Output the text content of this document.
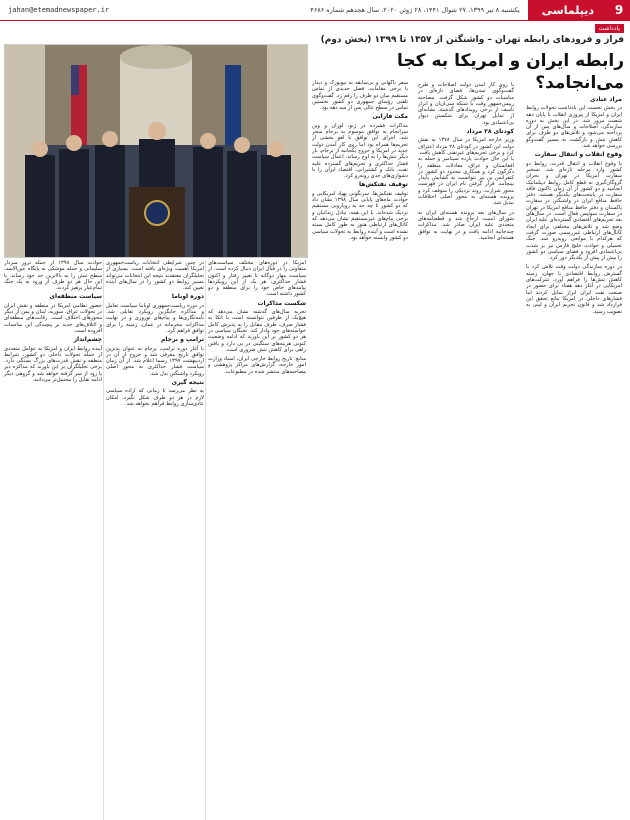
9
دیپلماسی
یکشنبه ۸ تیر ۱۳۹۹، ۲۷ شوال ۱۴۴۱، ۲۸ ژوئن ۲۰۲۰، سال هجدهم شماره ۴۶۸۶
jahan@etemadnewspaper.ir
یادداشت
فراز و فرودهای رابطه تهران – واشنگتن از ۱۳۵۷ تا ۱۳۹۹ (بخش دوم)
رابطه ایران و امریکا به کجا می‌انجامد؟
مراد عنادی

در بخش نخست این یادداشت تحولات روابط ایران و امریکا از پیروزی انقلاب تا پایان دهه شصت مرور شد. در این بخش به دوره سازندگی، اصلاحات و سال‌های پس از آن پرداخته می‌شود و تلاش‌های دو طرف برای کاهش تنش و بازگشت به مسیر گفت‌وگو بررسی خواهد شد.

وقوع انقلاب و انتقال سفارت

با وقوع انقلاب و انتقال قدرت، روابط دو کشور وارد مرحله تازه‌ای شد. تسخیر سفارت امریکا در تهران و بحران گروگان‌گیری به قطع کامل روابط دیپلماتیک انجامید و دو کشور از آن زمان تاکنون فاقد سفارت در پایتخت‌های یکدیگر هستند. دفتر حافظ منافع ایران در واشنگتن در سفارت پاکستان و دفتر حافظ منافع امریکا در تهران در سفارت سوئیس فعال است. در سال‌های بعد تحریم‌های اقتصادی گسترده‌ای علیه ایران وضع شد و تلاش‌های مختلفی برای ایجاد کانال‌های ارتباطی غیررسمی صورت گرفت که هرکدام با موانعی روبه‌رو شد. جنگ تحمیلی و حوادث خلیج فارس نیز بر شدت بی‌اعتمادی افزود و فضای سیاسی دو کشور را بیش از پیش از یکدیگر دور کرد.

در دوره سازندگی دولت وقت تلاش کرد با گسترش روابط اقتصادی با جهان، زمینه کاهش تنش‌ها را فراهم آورد. شرکت‌های امریکایی در آغاز دهه هفتاد برای حضور در صنعت نفت ایران ابراز تمایل کردند اما فشارهای داخلی در امریکا مانع تحقق این قرارداد شد و قانون تحریم ایران و لیبی به تصویب رسید.

با روی کار آمدن دولت اصلاحات و طرح گفت‌وگوی تمدن‌ها، فضای تازه‌ای در مناسبات دو کشور شکل گرفت. مصاحبه رییس‌جمهور وقت با شبکه سی‌ان‌ان و ابراز تاسف از برخی رویدادهای گذشته، نشانه‌ای از تمایل تهران برای شکستن دیوار بی‌اعتمادی بود.

کودتای ۲۸ مرداد

وزیر خارجه امریکا در سال ۱۳۷۸ به نقش دولت این کشور در کودتای ۲۸ مرداد اعتراف کرد و برخی تحریم‌های غیرنفتی کاهش یافت. با این حال حوادث یازده سپتامبر و حمله به افغانستان و عراق، معادلات منطقه را دگرگون کرد و همکاری محدود دو کشور در کنفرانس بن نیز نتوانست به گشایش پایدار بینجامد. قرار گرفتن نام ایران در فهرست محور شرارت، روند نزدیکی را متوقف کرد و پرونده هسته‌ای به محور اصلی اختلافات تبدیل شد.

در سال‌های بعد پرونده هسته‌ای ایران به شورای امنیت ارجاع شد و قطعنامه‌های متعددی علیه ایران صادر شد. مذاکرات چندجانبه ادامه یافت و در نهایت به توافق هسته‌ای انجامید.

سفر ناگهانی و بی‌سابقه به نیویورک و دیدار با برخی مقامات، فصل جدیدی از تماس مستقیم میان دو طرف را رقم زد. گفت‌وگوی تلفنی رؤسای جمهوری دو کشور نخستین تماس در سطح عالی پس از سه دهه بود.

مکث فارابی

مذاکرات فشرده در ژنو، لوزان و وین سرانجام به توافق موسوم به برجام منجر شد. اجرای این توافق با لغو بخشی از تحریم‌ها همراه بود اما روی کار آمدن دولت جدید در امریکا و خروج یکجانبه از برجام، بار دیگر تنش‌ها را به اوج رساند. اعمال سیاست فشار حداکثری و تحریم‌های گسترده علیه نفت، بانک و کشتیرانی، اقتصاد ایران را با دشواری‌های جدی روبه‌رو کرد.

توقیف نفتکش‌ها

توقیف نفتکش‌ها، سرنگونی پهپاد امریکایی و حوادث ماه‌های پایانی سال ۱۳۹۸ نشان داد که دو کشور تا چه حد به رویارویی مستقیم نزدیک شده‌اند. با این همه، تبادل زندانیان و برخی پیام‌های غیرمستقیم نشان می‌دهد که کانال‌های ارتباطی هنوز به طور کامل بسته نشده است و آینده روابط به تحولات سیاسی دو کشور وابسته خواهد بود.

امریکا در دوره‌های مختلف سیاست‌های متفاوتی را در قبال ایران دنبال کرده است. از سیاست مهار دوگانه تا تغییر رفتار و اکنون فشار حداکثری، هر یک از این رویکردها پیامدهای خاص خود را برای منطقه و دو کشور داشته است.

شکست مذاکرات

تجربه سال‌های گذشته نشان می‌دهد که هیچ‌یک از طرفین نتوانسته است با اتکا به فشار صرف، طرف مقابل را به پذیرش کامل خواسته‌های خود وادار کند. نخبگان سیاسی در هر دو کشور بر این باورند که ادامه وضعیت کنونی هزینه‌های سنگینی در پی دارد و یافتن راهی برای کاهش تنش ضروری است.

منابع: تاریخ روابط خارجی ایران، اسناد وزارت امور خارجه، گزارش‌های مراکز پژوهشی و مصاحبه‌های منتشر شده در مطبوعات.

در چنین شرایطی انتخابات ریاست‌جمهوری امریکا اهمیت ویژه‌ای یافته است. بسیاری از تحلیلگران معتقدند نتیجه این انتخابات می‌تواند مسیر روابط دو کشور را در سال‌های آینده تعیین کند.

دوره اوباما

در دوره ریاست‌جمهوری اوباما سیاست تعامل و مذاکره جایگزین رویکرد تقابلی شد. نامه‌نگاری‌ها و پیام‌های نوروزی و در نهایت مذاکرات محرمانه در عمان، زمینه را برای توافق فراهم کرد.

ترامپ و برجام

با آغاز دوره ترامپ، برجام به عنوان بدترین توافق تاریخ معرفی شد و خروج از آن در اردیبهشت ۱۳۹۷ رسما اعلام شد. از آن زمان سیاست فشار حداکثری به محور اصلی رویکرد واشنگتن بدل شد.

نتیجه گیری

به نظر می‌رسد تا زمانی که اراده سیاسی لازم در هر دو طرف شکل نگیرد، امکان عادی‌سازی روابط فراهم نخواهد شد.

حوادث سال ۱۳۹۸ از جمله ترور سردار سلیمانی و حمله موشکی به پایگاه عین‌الاسد، سطح تنش را به بالاترین حد خود رساند. با این حال هر دو طرف از ورود به یک جنگ تمام‌عیار پرهیز کردند.

سیاست منطقه‌ای

حضور نظامی امریکا در منطقه و نقش ایران در تحولات عراق، سوریه، لبنان و یمن از دیگر محورهای اختلاف است. رقابت‌های منطقه‌ای و ائتلاف‌های جدید بر پیچیدگی این مناسبات افزوده است.

چشم‌انداز

آینده روابط ایران و امریکا به عوامل متعددی از جمله تحولات داخلی دو کشور، شرایط منطقه و نقش قدرت‌های بزرگ بستگی دارد. برخی تحلیلگران بر این باورند که مذاکره دیر یا زود از سر گرفته خواهد شد و گروهی دیگر ادامه تقابل را محتمل‌تر می‌دانند.
